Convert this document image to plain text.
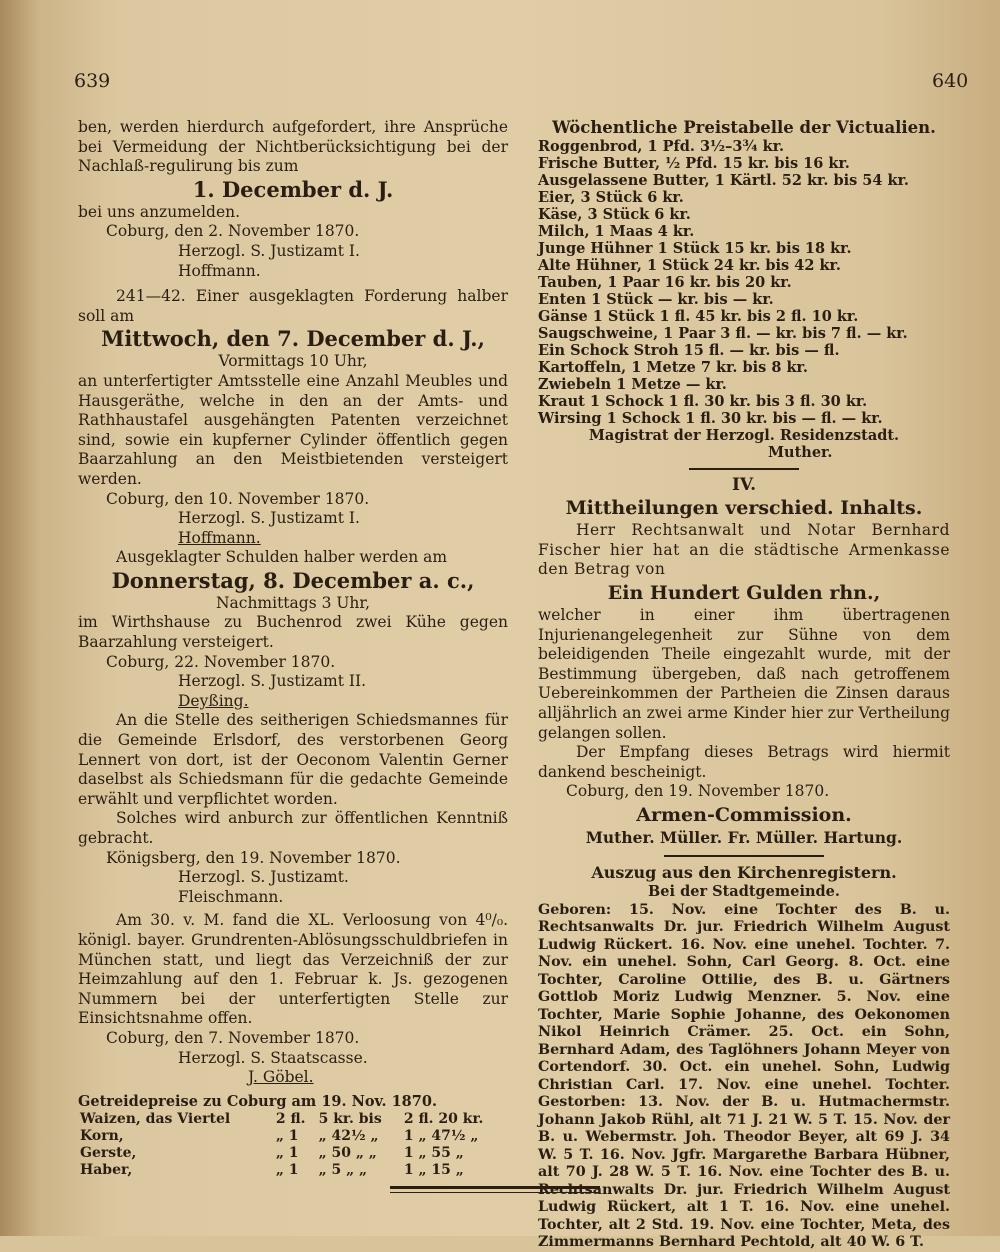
639	640

ben, werden hierdurch aufgefordert, ihre Ansprüche bei Vermeidung der Nichtberücksichtigung bei der Nachlaß-regulirung bis zum

1. December d. J.

bei uns anzumelden.

Coburg, den 2. November 1870.

Herzogl. S. Justizamt I.

Hoffmann.

241—42. Einer ausgeklagten Forderung halber soll am

Mittwoch, den 7. December d. J.,

Vormittags 10 Uhr,

an unterfertigter Amtsstelle eine Anzahl Meubles und Hausgeräthe, welche in den an der Amts- und Rathhaustafel ausgehängten Patenten verzeichnet sind, sowie ein kupferner Cylinder öffentlich gegen Baarzahlung an den Meistbietenden versteigert werden.

Coburg, den 10. November 1870.

Herzogl. S. Justizamt I.

Hoffmann.

Ausgeklagter Schulden halber werden am

Donnerstag, 8. December a. c.,

Nachmittags 3 Uhr,

im Wirthshause zu Buchenrod zwei Kühe gegen Baarzahlung versteigert.

Coburg, 22. November 1870.

Herzogl. S. Justizamt II.

Deyßing.

An die Stelle des seitherigen Schiedsmannes für die Gemeinde Erlsdorf, des verstorbenen Georg Lennert von dort, ist der Oeconom Valentin Gerner daselbst als Schiedsmann für die gedachte Gemeinde erwählt und verpflichtet worden.

Solches wird anburch zur öffentlichen Kenntniß gebracht.

Königsberg, den 19. November 1870.

Herzogl. S. Justizamt.

Fleischmann.

Am 30. v. M. fand die XL. Verloosung von 4⁰/₀. königl. bayer. Grundrenten-Ablösungsschuldbriefen in München statt, und liegt das Verzeichniß der zur Heimzahlung auf den 1. Februar k. Js. gezogenen Nummern bei der unterfertigten Stelle zur Einsichtsnahme offen.

Coburg, den 7. November 1870.

Herzogl. S. Staatscasse.

J. Göbel.

Getreidepreise zu Coburg am 19. Nov. 1870.

Waizen, das Viertel	2 fl.	5 kr. bis	2 fl. 20 kr.
Korn,	„ 1	„ 42½ „	1 „ 47½ „
Gerste,	„ 1	„ 50 „ „	1 „ 55 „
Haber,	„ 1	„ 5 „ „	1 „ 15 „

Wöchentliche Preistabelle der Victualien.

Roggenbrod, 1 Pfd. 3½–3¾ kr.
Frische Butter, ½ Pfd. 15 kr. bis 16 kr.
Ausgelassene Butter, 1 Kärtl. 52 kr. bis 54 kr.
Eier, 3 Stück 6 kr.
Käse, 3 Stück 6 kr.
Milch, 1 Maas 4 kr.
Junge Hühner 1 Stück 15 kr. bis 18 kr.
Alte Hühner, 1 Stück 24 kr. bis 42 kr.
Tauben, 1 Paar 16 kr. bis 20 kr.
Enten 1 Stück — kr. bis — kr.
Gänse 1 Stück 1 fl. 45 kr. bis 2 fl. 10 kr.
Saugschweine, 1 Paar 3 fl. — kr. bis 7 fl. — kr.
Ein Schock Stroh 15 fl. — kr. bis — fl.
Kartoffeln, 1 Metze 7 kr. bis 8 kr.
Zwiebeln 1 Metze — kr.
Kraut 1 Schock 1 fl. 30 kr. bis 3 fl. 30 kr.
Wirsing 1 Schock 1 fl. 30 kr. bis — fl. — kr.

Magistrat der Herzogl. Residenzstadt.

Muther.

IV.

Mittheilungen verschied. Inhalts.

Herr Rechtsanwalt und Notar Bernhard Fischer hier hat an die städtische Armenkasse den Betrag von

Ein Hundert Gulden rhn.,

welcher in einer ihm übertragenen Injurienangelegenheit zur Sühne von dem beleidigenden Theile eingezahlt wurde, mit der Bestimmung übergeben, daß nach getroffenem Uebereinkommen der Partheien die Zinsen daraus alljährlich an zwei arme Kinder hier zur Vertheilung gelangen sollen.

Der Empfang dieses Betrags wird hiermit dankend bescheinigt.

Coburg, den 19. November 1870.

Armen-Commission.

Muther. Müller. Fr. Müller. Hartung.

Auszug aus den Kirchenregistern.

Bei der Stadtgemeinde.

Geboren: 15. Nov. eine Tochter des B. u. Rechtsanwalts Dr. jur. Friedrich Wilhelm August Ludwig Rückert. 16. Nov. eine unehel. Tochter. 7. Nov. ein unehel. Sohn, Carl Georg. 8. Oct. eine Tochter, Caroline Ottilie, des B. u. Gärtners Gottlob Moriz Ludwig Menzner. 5. Nov. eine Tochter, Marie Sophie Johanne, des Oekonomen Nikol Heinrich Crämer. 25. Oct. ein Sohn, Bernhard Adam, des Taglöhners Johann Meyer von Cortendorf. 30. Oct. ein unehel. Sohn, Ludwig Christian Carl. 17. Nov. eine unehel. Tochter. Gestorben: 13. Nov. der B. u. Hutmachermstr. Johann Jakob Rühl, alt 71 J. 21 W. 5 T. 15. Nov. der B. u. Webermstr. Joh. Theodor Beyer, alt 69 J. 34 W. 5 T. 16. Nov. Jgfr. Margarethe Barbara Hübner, alt 70 J. 28 W. 5 T. 16. Nov. eine Tochter des B. u. Rechtsanwalts Dr. jur. Friedrich Wilhelm August Ludwig Rückert, alt 1 T. 16. Nov. eine unehel. Tochter, alt 2 Std. 19. Nov. eine Tochter, Meta, des Zimmermanns Bernhard Pechtold, alt 40 W. 6 T.
